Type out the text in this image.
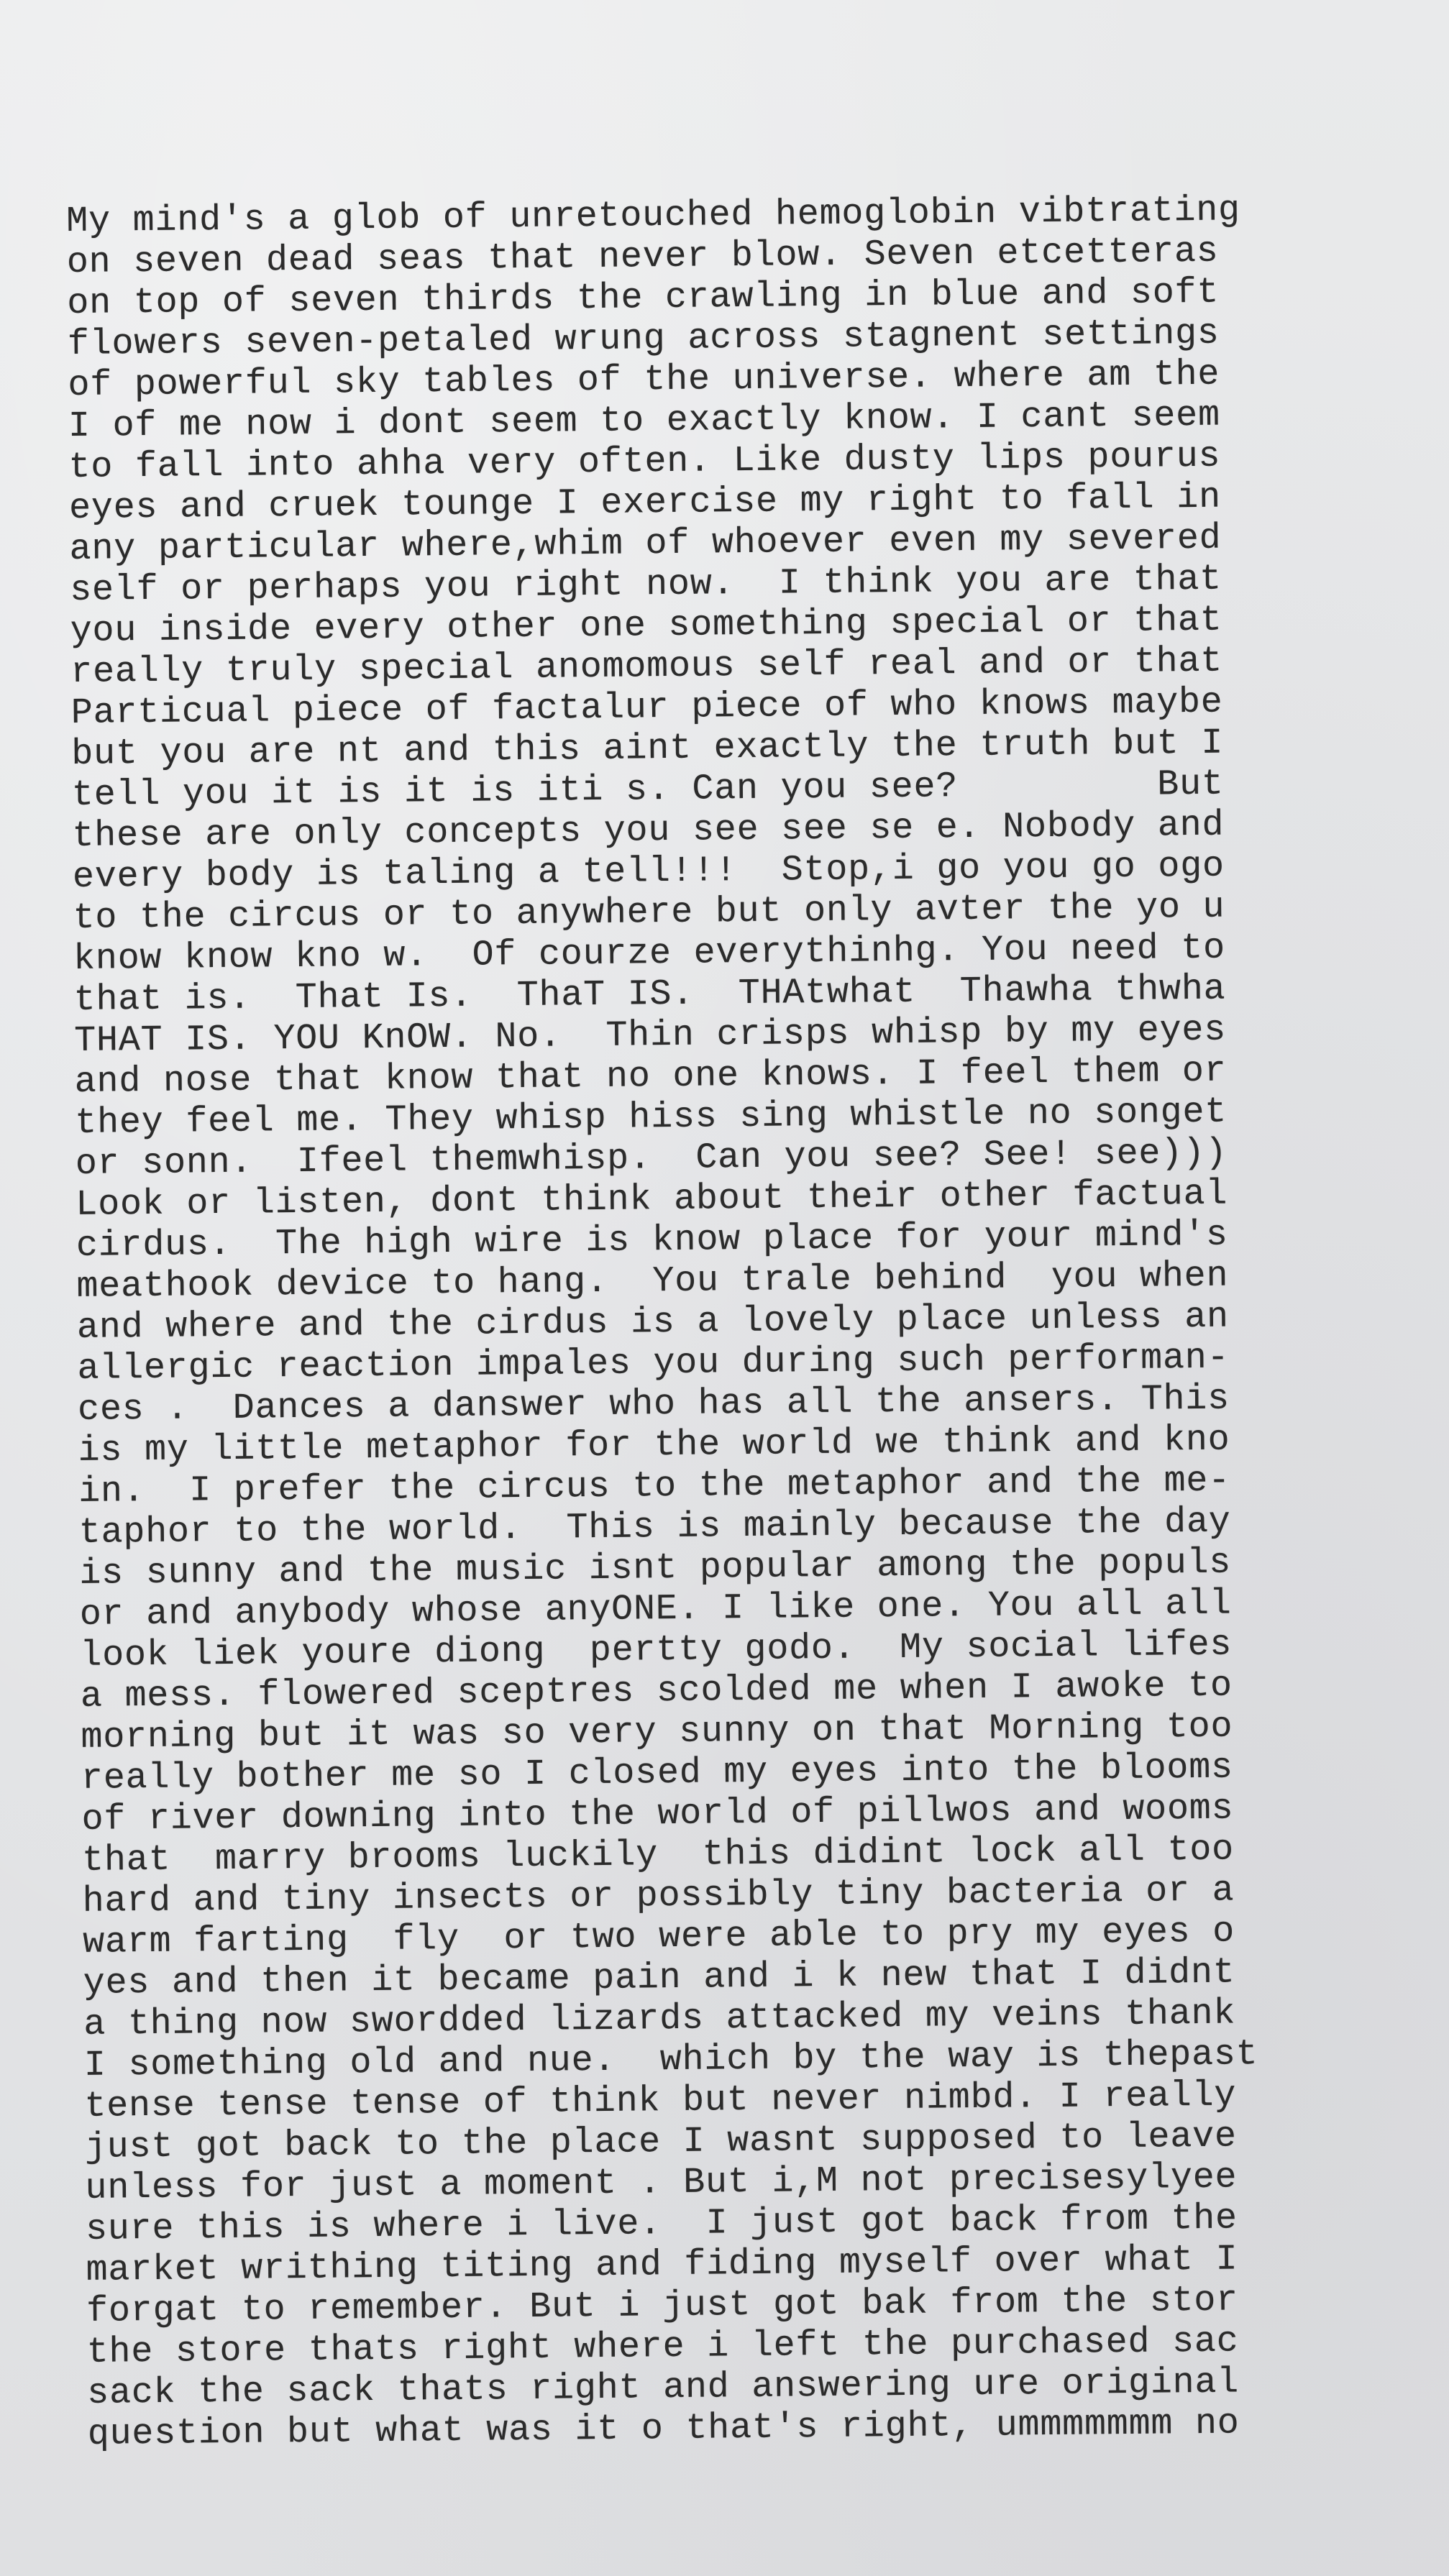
My mind's a glob of unretouched hemoglobin vibtrating
on seven dead seas that never blow. Seven etcetteras
on top of seven thirds the crawling in blue and soft
flowers seven-petaled wrung across stagnent settings
of powerful sky tables of the universe. where am the
I of me now i dont seem to exactly know. I cant seem
to fall into ahha very often. Like dusty lips pourus
eyes and cruek tounge I exercise my right to fall in
any particular where,whim of whoever even my severed
self or perhaps you right now.  I think you are that
you inside every other one something special or that
really truly special anomomous self real and or that
Particual piece of factalur piece of who knows maybe
but you are nt and this aint exactly the truth but I
tell you it is it is iti s. Can you see?         But
these are only concepts you see see se e. Nobody and
every body is taling a tell!!!  Stop,i go you go ogo
to the circus or to anywhere but only avter the yo u
know know kno w.  Of courze everythinhg. You need to
that is.  That Is.  ThaT IS.  THAtwhat  Thawha thwha
THAT IS. YOU KnOW. No.  Thin crisps whisp by my eyes
and nose that know that no one knows. I feel them or
they feel me. They whisp hiss sing whistle no songet
or sonn.  Ifeel themwhisp.  Can you see? See! see)))
Look or listen, dont think about their other factual
cirdus.  The high wire is know place for your mind's
meathook device to hang.  You trale behind  you when
and where and the cirdus is a lovely place unless an
allergic reaction impales you during such performan-
ces .  Dances a danswer who has all the ansers. This
is my little metaphor for the world we think and kno
in.  I prefer the circus to the metaphor and the me-
taphor to the world.  This is mainly because the day
is sunny and the music isnt popular among the populs
or and anybody whose anyONE. I like one. You all all
look liek youre diong  pertty godo.  My social lifes
a mess. flowered sceptres scolded me when I awoke to
morning but it was so very sunny on that Morning too
really bother me so I closed my eyes into the blooms
of river downing into the world of pillwos and wooms
that  marry brooms luckily  this didint lock all too
hard and tiny insects or possibly tiny bacteria or a
warm farting  fly  or two were able to pry my eyes o
yes and then it became pain and i k new that I didnt
a thing now swordded lizards attacked my veins thank
I something old and nue.  which by the way is thepast
tense tense tense of think but never nimbd. I really
just got back to the place I wasnt supposed to leave
unless for just a moment . But i,M not precisesylyee
sure this is where i live.  I just got back from the
market writhing titing and fiding myself over what I
forgat to remember. But i just got bak from the stor
the store thats right where i left the purchased sac
sack the sack thats right and answering ure original
question but what was it o that's right, ummmmmmm no
